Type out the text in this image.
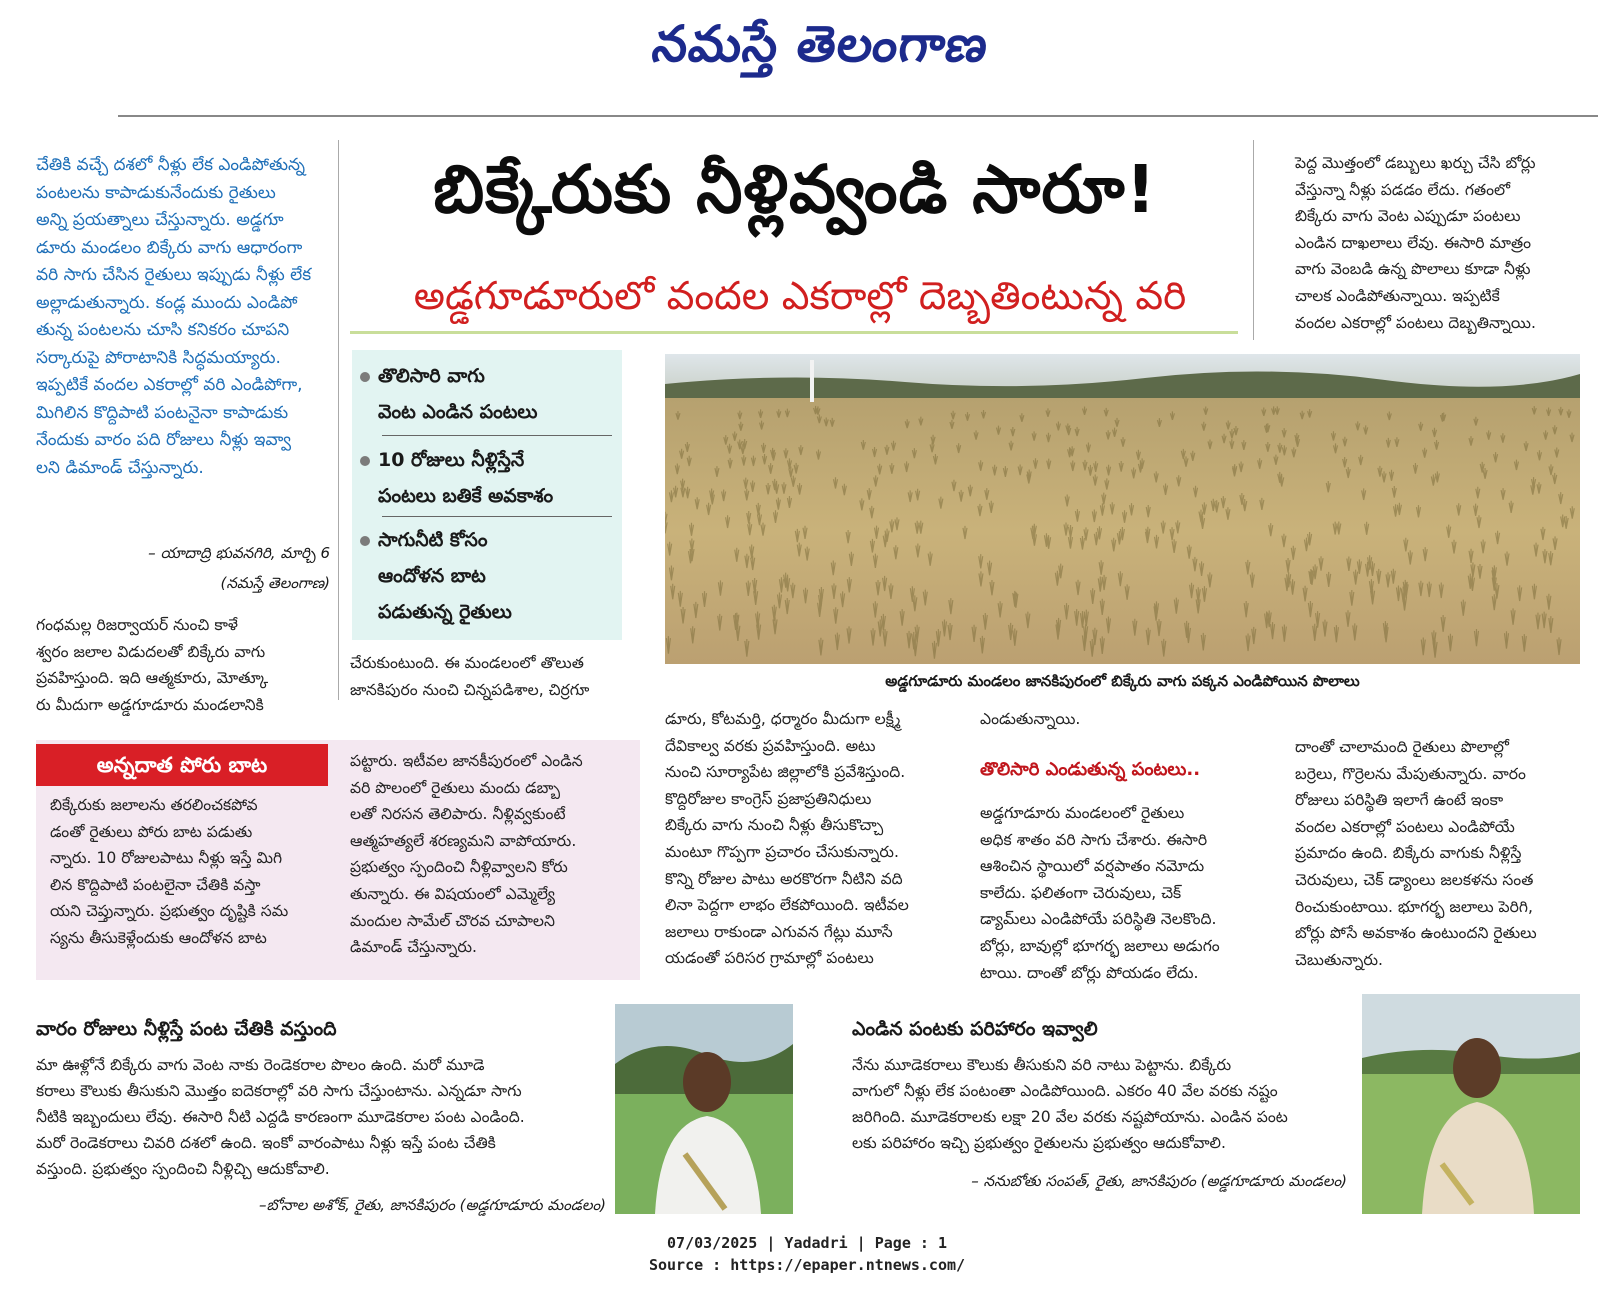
నమస్తే తెలంగాణ

చేతికి వచ్చే దశలో నీళ్లు లేక ఎండిపోతున్న
పంటలను కాపాడుకునేందుకు రైతులు
అన్ని ప్రయత్నాలు చేస్తున్నారు. అడ్డగూ
డూరు మండలం బిక్కేరు వాగు ఆధారంగా
వరి సాగు చేసిన రైతులు ఇప్పుడు నీళ్లు లేక
అల్లాడుతున్నారు. కండ్ల ముందు ఎండిపో
తున్న పంటలను చూసి కనికరం చూపని
సర్కారుపై పోరాటానికి సిద్ధమయ్యారు.
ఇప్పటికే వందల ఎకరాల్లో వరి ఎండిపోగా,
మిగిలిన కొద్దిపాటి పంటనైనా కాపాడుకు
నేందుకు వారం పది రోజులు నీళ్లు ఇవ్వా
లని డిమాండ్ చేస్తున్నారు.

– యాదాద్రి భువనగిరి, మార్చి 6
(నమస్తే తెలంగాణ)
బిక్కేరుకు నీళ్లివ్వండి సారూ!
అడ్డగూడూరులో వందల ఎకరాల్లో దెబ్బతింటున్న వరి
పెద్ద మొత్తంలో డబ్బులు ఖర్చు చేసి బోర్లు
వేస్తున్నా నీళ్లు పడడం లేదు. గతంలో
బిక్కేరు వాగు వెంట ఎప్పుడూ పంటలు
ఎండిన దాఖలాలు లేవు. ఈసారి మాత్రం
వాగు వెంబడి ఉన్న పొలాలు కూడా నీళ్లు
చాలక ఎండిపోతున్నాయి. ఇప్పటికే
వందల ఎకరాల్లో పంటలు దెబ్బతిన్నాయి.
తొలిసారి వాగు
వెంట ఎండిన పంటలు
10 రోజులు నీళ్లిస్తేనే
పంటలు బతికే అవకాశం
సాగునీటి కోసం
ఆందోళన బాట
పడుతున్న రైతులు
అడ్డగూడూరు మండలం జానకిపురంలో బిక్కేరు వాగు పక్కన ఎండిపోయిన పొలాలు
గంధమల్ల రిజర్వాయర్ నుంచి కాళే
శ్వరం జలాల విడుదలతో బిక్కేరు వాగు
ప్రవహిస్తుంది. ఇది ఆత్మకూరు, మోత్కూ
రు మీదుగా అడ్డగూడూరు మండలానికి
చేరుకుంటుంది. ఈ మండలంలో తొలుత
జానకిపురం నుంచి చిన్నపడిశాల, చిర్రగూ
అన్నదాత పోరు బాట
బిక్కేరుకు జలాలను తరలించకపోవ
డంతో రైతులు పోరు బాట పడుతు
న్నారు. 10 రోజులపాటు నీళ్లు ఇస్తే మిగి
లిన కొద్దిపాటి పంటలైనా చేతికి వస్తా
యని చెప్తున్నారు. ప్రభుత్వం దృష్టికి సమ
స్యను తీసుకెళ్లేందుకు ఆందోళన బాట
పట్టారు. ఇటీవల జానకీపురంలో ఎండిన
వరి పొలంలో రైతులు మందు డబ్బా
లతో నిరసన తెలిపారు. నీళ్లివ్వకుంటే
ఆత్మహత్యలే శరణ్యమని వాపోయారు.
ప్రభుత్వం స్పందించి నీళ్లివ్వాలని కోరు
తున్నారు. ఈ విషయంలో ఎమ్మెల్యే
మందుల సామేల్ చొరవ చూపాలని
డిమాండ్ చేస్తున్నారు.
డూరు, కోటమర్తి, ధర్మారం మీదుగా లక్ష్మీ
దేవికాల్వ వరకు ప్రవహిస్తుంది. అటు
నుంచి సూర్యాపేట జిల్లాలోకి ప్రవేశిస్తుంది.
కొద్దిరోజుల కాంగ్రెస్ ప్రజాప్రతినిధులు
బిక్కేరు వాగు నుంచి నీళ్లు తీసుకొచ్చా
మంటూ గొప్పగా ప్రచారం చేసుకున్నారు.
కొన్ని రోజుల పాటు అరకొరగా నీటిని వది
లినా పెద్దగా లాభం లేకపోయింది. ఇటీవల
జలాలు రాకుండా ఎగువన గేట్లు మూసే
యడంతో పరిసర గ్రామాల్లో పంటలు
ఎండుతున్నాయి.
తొలిసారి ఎండుతున్న పంటలు..
అడ్డగూడూరు మండలంలో రైతులు
అధిక శాతం వరి సాగు చేశారు. ఈసారి
ఆశించిన స్థాయిలో వర్షపాతం నమోదు
కాలేదు. ఫలితంగా చెరువులు, చెక్
డ్యామ్‌లు ఎండిపోయే పరిస్థితి నెలకొంది.
బోర్లు, బావుల్లో భూగర్భ జలాలు అడుగం
టాయి. దాంతో బోర్లు పోయడం లేదు.
దాంతో చాలామంది రైతులు పొలాల్లో
బర్రెలు, గొర్రెలను మేపుతున్నారు. వారం
రోజులు పరిస్థితి ఇలాగే ఉంటే ఇంకా
వందల ఎకరాల్లో పంటలు ఎండిపోయే
ప్రమాదం ఉంది. బిక్కేరు వాగుకు నీళ్లిస్తే
చెరువులు, చెక్ డ్యాంలు జలకళను సంత
రించుకుంటాయి. భూగర్భ జలాలు పెరిగి,
బోర్లు పోసే అవకాశం ఉంటుందని రైతులు
చెబుతున్నారు.
వారం రోజులు నీళ్లిస్తే పంట చేతికి వస్తుంది
మా ఊళ్లోనే బిక్కేరు వాగు వెంట నాకు రెండెకరాల పొలం ఉంది. మరో మూడె
కరాలు కౌలుకు తీసుకుని మొత్తం ఐదెకరాల్లో వరి సాగు చేస్తుంటాను. ఎన్నడూ సాగు
నీటికి ఇబ్బందులు లేవు. ఈసారి నీటి ఎద్దడి కారణంగా మూడెకరాల పంట ఎండింది.
మరో రెండెకరాలు చివరి దశలో ఉంది. ఇంకో వారంపాటు నీళ్లు ఇస్తే పంట చేతికి
వస్తుంది. ప్రభుత్వం స్పందించి నీళ్లిచ్చి ఆదుకోవాలి.
–బోనాల అశోక్, రైతు, జానకిపురం (అడ్డగూడూరు మండలం)
ఎండిన పంటకు పరిహారం ఇవ్వాలి
నేను మూడెకరాలు కౌలుకు తీసుకుని వరి నాటు పెట్టాను. బిక్కేరు
వాగులో నీళ్లు లేక పంటంతా ఎండిపోయింది. ఎకరం 40 వేల వరకు నష్టం
జరిగింది. మూడెకరాలకు లక్షా 20 వేల వరకు నష్టపోయాను. ఎండిన పంట
లకు పరిహారం ఇచ్చి ప్రభుత్వం రైతులను ప్రభుత్వం ఆదుకోవాలి.
– ననుబోతు సంపత్, రైతు, జానకిపురం (అడ్డగూడూరు మండలం)
07/03/2025 | Yadadri | Page : 1
Source : https://epaper.ntnews.com/
